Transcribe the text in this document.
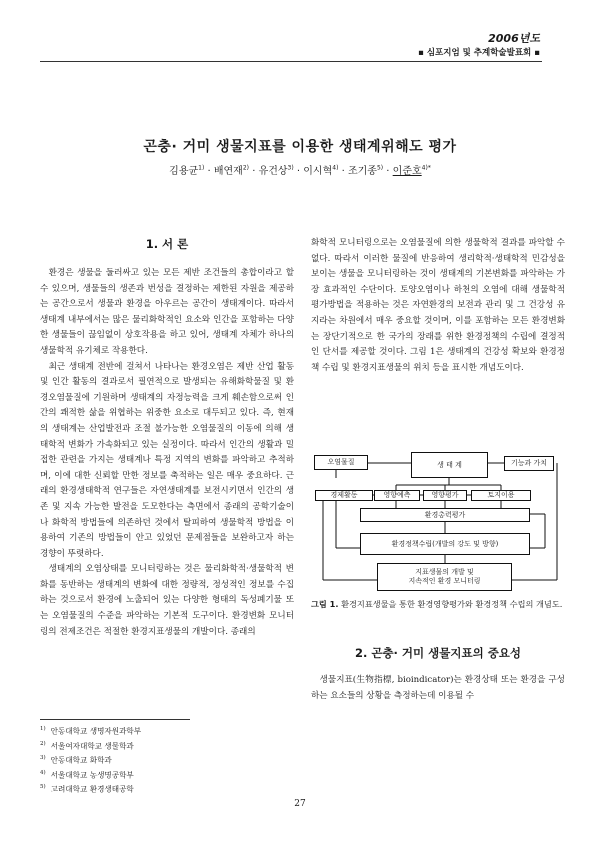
2006년도
▪ 심포지엄 및 추계학술발표회 ▪
곤충· 거미 생물지표를 이용한 생태계위해도 평가
김용균$^{1)}$ · 배연재$^{2)}$ · 유건상$^{3)}$ · 이시혁$^{4)}$ · 조기종$^{5)}$ · 이준호$^{4)*}$
1. 서 론

환경은 생물을 둘러싸고 있는 모든 제반 조건들의 총합이라고 할 수 있으며, 생물들의 생존과 번성을 결정하는 제한된 자원을 제공하는 공간으로서 생물과 환경을 아우르는 공간이 생태계이다. 따라서 생태계 내부에서는 많은 물리화학적인 요소와 인간을 포함하는 다양한 생물들이 끊임없이 상호작용을 하고 있어, 생태계 자체가 하나의 생물학적 유기체로 작용한다.

최근 생태계 전반에 걸쳐서 나타나는 환경오염은 제반 산업 활동 및 인간 활동의 결과로서 필연적으로 발생되는 유해화학물질 및 환경오염물질에 기원하며 생태계의 자정능력을 크게 훼손함으로써 인간의 쾌적한 삶을 위협하는 위중한 요소로 대두되고 있다. 즉, 현재의 생태계는 산업발전과 조절 불가능한 오염물질의 이동에 의해 생태학적 변화가 가속화되고 있는 실정이다. 따라서 인간의 생활과 밀접한 관련을 가지는 생태계나 특정 지역의 변화를 파악하고 추적하며, 이에 대한 신뢰할 만한 정보를 축적하는 일은 매우 중요하다. 근래의 환경생태학적 연구들은 자연생태계를 보전시키면서 인간의 생존 및 지속 가능한 발전을 도모한다는 측면에서 종래의 공학기술이나 화학적 방법들에 의존하던 것에서 탈피하여 생물학적 방법을 이용하여 기존의 방법들이 안고 있었던 문제점들을 보완하고자 하는 경향이 뚜렷하다.

생태계의 오염상태를 모니터링하는 것은 물리화학적·생물학적 변화를 동반하는 생태계의 변화에 대한 정량적, 정성적인 정보를 수집하는 것으로서 환경에 노출되어 있는 다양한 형태의 독성폐기물 또는 오염물질의 수준을 파악하는 기본적 도구이다. 환경변화 모니터링의 전제조건은 적절한 환경지표생물의 개발이다. 종래의

화학적 모니터링으로는 오염물질에 의한 생물학적 결과를 파악할 수 없다. 따라서 이러한 물질에 반응하여 생리학적·생태학적 민감성을 보이는 생물을 모니터링하는 것이 생태계의 기본변화를 파악하는 가장 효과적인 수단이다. 토양오염이나 하천의 오염에 대해 생물학적평가방법을 적용하는 것은 자연환경의 보전과 관리 및 그 건강성 유지라는 차원에서 매우 중요할 것이며, 이를 포함하는 모든 환경변화는 장단기적으로 한 국가의 장래를 위한 환경정책의 수립에 결정적인 단서를 제공할 것이다. 그림 1은 생태계의 건강성 확보와 환경정책 수립 및 환경지표생물의 위치 등을 표시한 개념도이다.

오염물질	생 태 계	기능과 가치
경제활동	영향예측	영향평가	토지이용
환경총력평가
환경정책수립(개발의 강도 및 방향)
지표생물의 개발 및
지속적인 환경 모니터링
그림 1. 환경지표생물을 통한 환경영향평가와 환경정책 수립의 개념도.
2. 곤충· 거미 생물지표의 중요성

생물지표(生物指標, bioindicator)는 환경상태 또는 환경을 구성하는 요소들의 상황을 측정하는데 이용될 수

$^{1)}$ 안동대학교 생명자원과학부
$^{2)}$ 서울여자대학교 생물학과
$^{3)}$ 안동대학교 화학과
$^{4)}$ 서울대학교 농생명공학부
$^{5)}$ 고려대학교 환경생태공학
27
